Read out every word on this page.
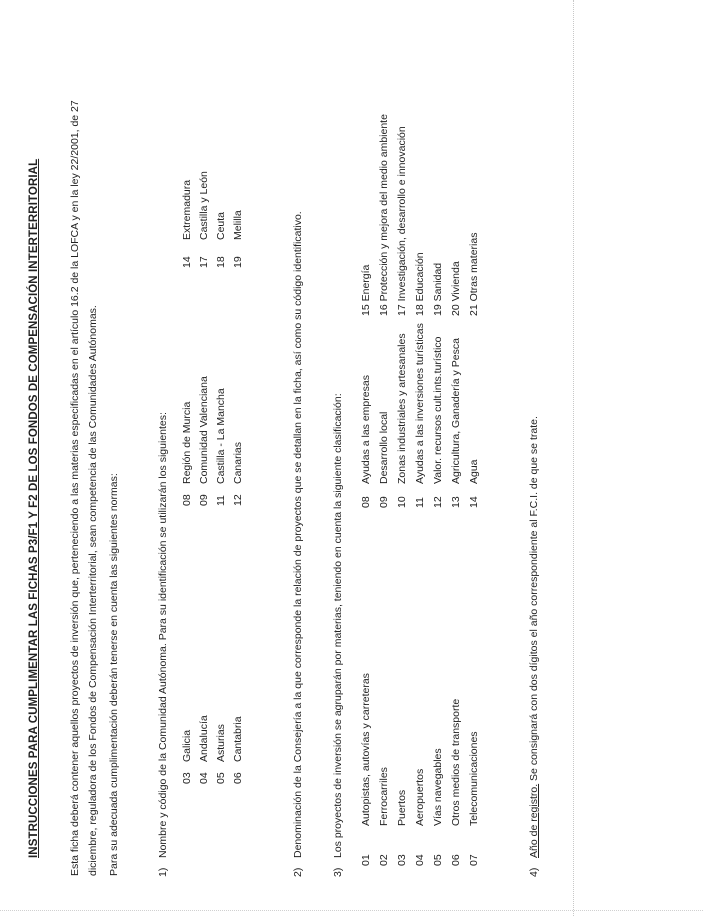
INSTRUCCIONES PARA CUMPLIMENTAR LAS FICHAS P3/F1 Y F2 DE LOS FONDOS DE COMPENSACIÓN INTERTERRITORIAL	Esta ficha deberá contener aquellos proyectos de inversión que, perteneciendo a las materias especificadas en el artículo 16.2 de la LOFCA y en la ley 22/2001, de 27 diciembre, reguladora de los Fondos de Compensación Interterritorial, sean competencia de las Comunidades Autónomas. Para su adecuada cumplimentación deberán tenerse en cuenta las siguientes normas:	1)
Nombre y código de la Comunidad Autónoma. Para su identificación se utilizarán los siguientes: 03Galicia
04Andalucía
05Asturias
06Cantabria
08Región de Murcia
09Comunidad Valenciana
11Castilla - La Mancha
12Canarias
14Extremadura
17Castilla y León
18Ceuta
19Melilla
2)
Denominación de la Consejería a la que corresponde la relación de proyectos que se detallan en la ficha, así como su código identificativo.
3)
Los proyectos de inversión se agruparán por materias, teniendo en cuenta la siguiente clasificación:
01Autopistas, autovías y carreteras
02Ferrocarriles
03Puertos
04Aeropuertos
05Vías navegables
06Otros medios de transporte
07Telecomunicaciones
08Ayudas a las empresas
09Desarrollo local
10Zonas industriales y artesanales
11Ayudas a las inversiones turísticas
12Valor. recursos cult.ints.turístico
13Agricultura, Ganadería y Pesca
14Agua
15 Energía 16 Protección y mejora del medio ambiente 17 Investigación, desarrollo e innovación 18 Educación 19 Sanidad 20 Vivienda 21 Otras materias
4)
Año de registro. Se consignará con dos dígitos el año correspondiente al F.C.I. de que se trate.
